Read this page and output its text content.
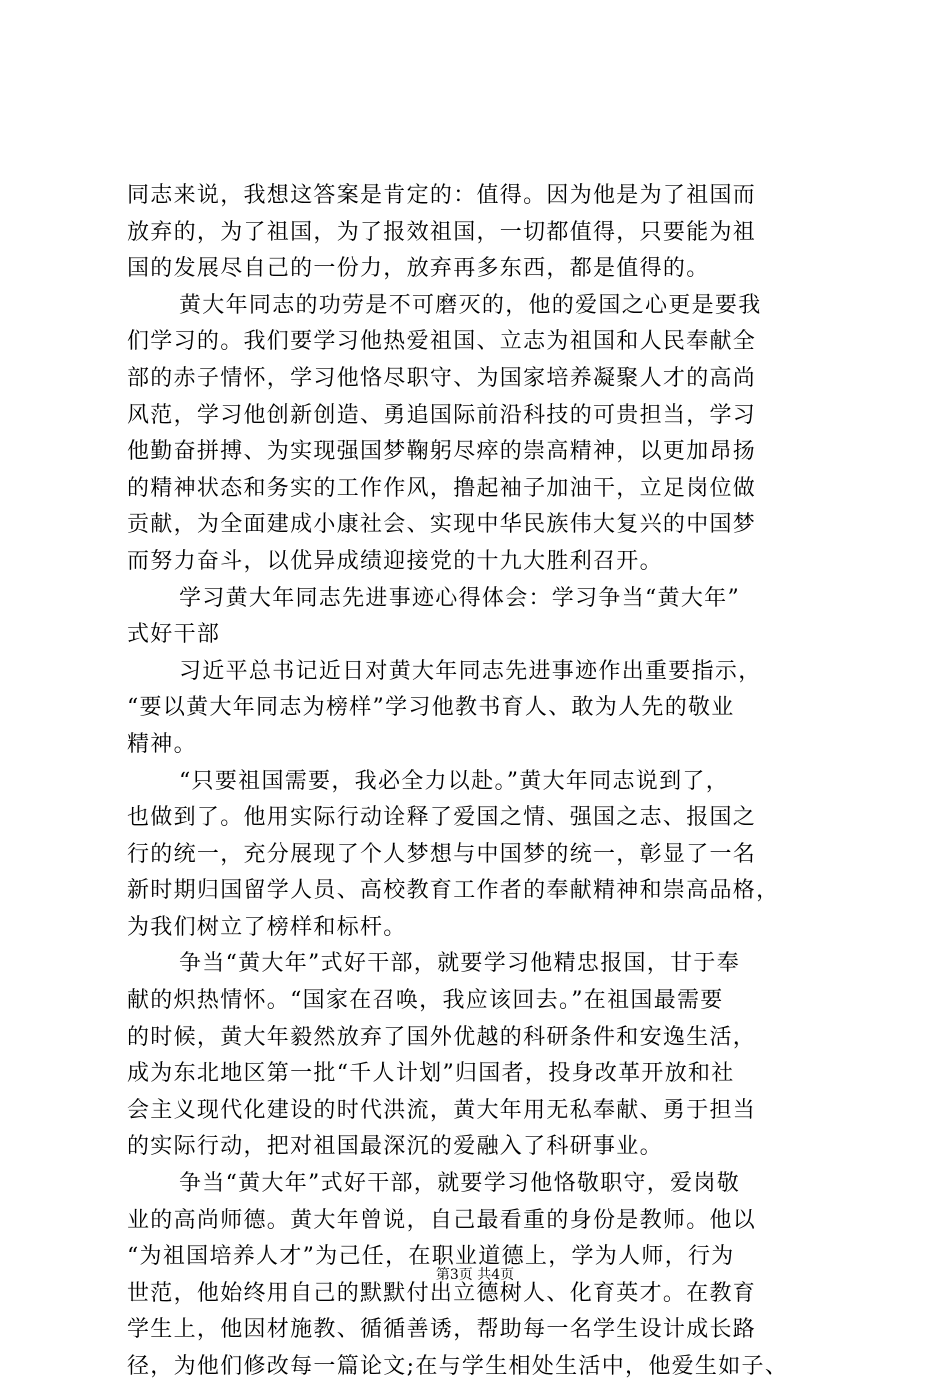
同志来说，我想这答案是肯定的：值得。因为他是为了祖国而
放弃的，为了祖国，为了报效祖国，一切都值得，只要能为祖
国的发展尽自己的一份力，放弃再多东西，都是值得的。
黄大年同志的功劳是不可磨灭的，他的爱国之心更是要我
们学习的。我们要学习他热爱祖国、立志为祖国和人民奉献全
部的赤子情怀，学习他恪尽职守、为国家培养凝聚人才的高尚
风范，学习他创新创造、勇追国际前沿科技的可贵担当，学习
他勤奋拼搏、为实现强国梦鞠躬尽瘁的崇高精神，以更加昂扬
的精神状态和务实的工作作风，撸起袖子加油干，立足岗位做
贡献，为全面建成小康社会、实现中华民族伟大复兴的中国梦
而努力奋斗，以优异成绩迎接党的十九大胜利召开。
学习黄大年同志先进事迹心得体会：学习争当“黄大年”
式好干部
习近平总书记近日对黄大年同志先进事迹作出重要指示，
“要以黄大年同志为榜样”学习他教书育人、敢为人先的敬业
精神。
“只要祖国需要，我必全力以赴。”黄大年同志说到了，
也做到了。他用实际行动诠释了爱国之情、强国之志、报国之
行的统一，充分展现了个人梦想与中国梦的统一，彰显了一名
新时期归国留学人员、高校教育工作者的奉献精神和崇高品格，
为我们树立了榜样和标杆。
争当“黄大年”式好干部，就要学习他精忠报国，甘于奉
献的炽热情怀。“国家在召唤，我应该回去。”在祖国最需要
的时候，黄大年毅然放弃了国外优越的科研条件和安逸生活，
成为东北地区第一批“千人计划”归国者，投身改革开放和社
会主义现代化建设的时代洪流，黄大年用无私奉献、勇于担当
的实际行动，把对祖国最深沉的爱融入了科研事业。
争当“黄大年”式好干部，就要学习他恪敬职守，爱岗敬
业的高尚师德。黄大年曾说，自己最看重的身份是教师。他以
“为祖国培养人才”为己任，在职业道德上，学为人师，行为
世范，他始终用自己的默默付出立德树人、化育英才。在教育
学生上，他因材施教、循循善诱，帮助每一名学生设计成长路
径，为他们修改每一篇论文;在与学生相处生活中，他爱生如子、
第3页 共4页
